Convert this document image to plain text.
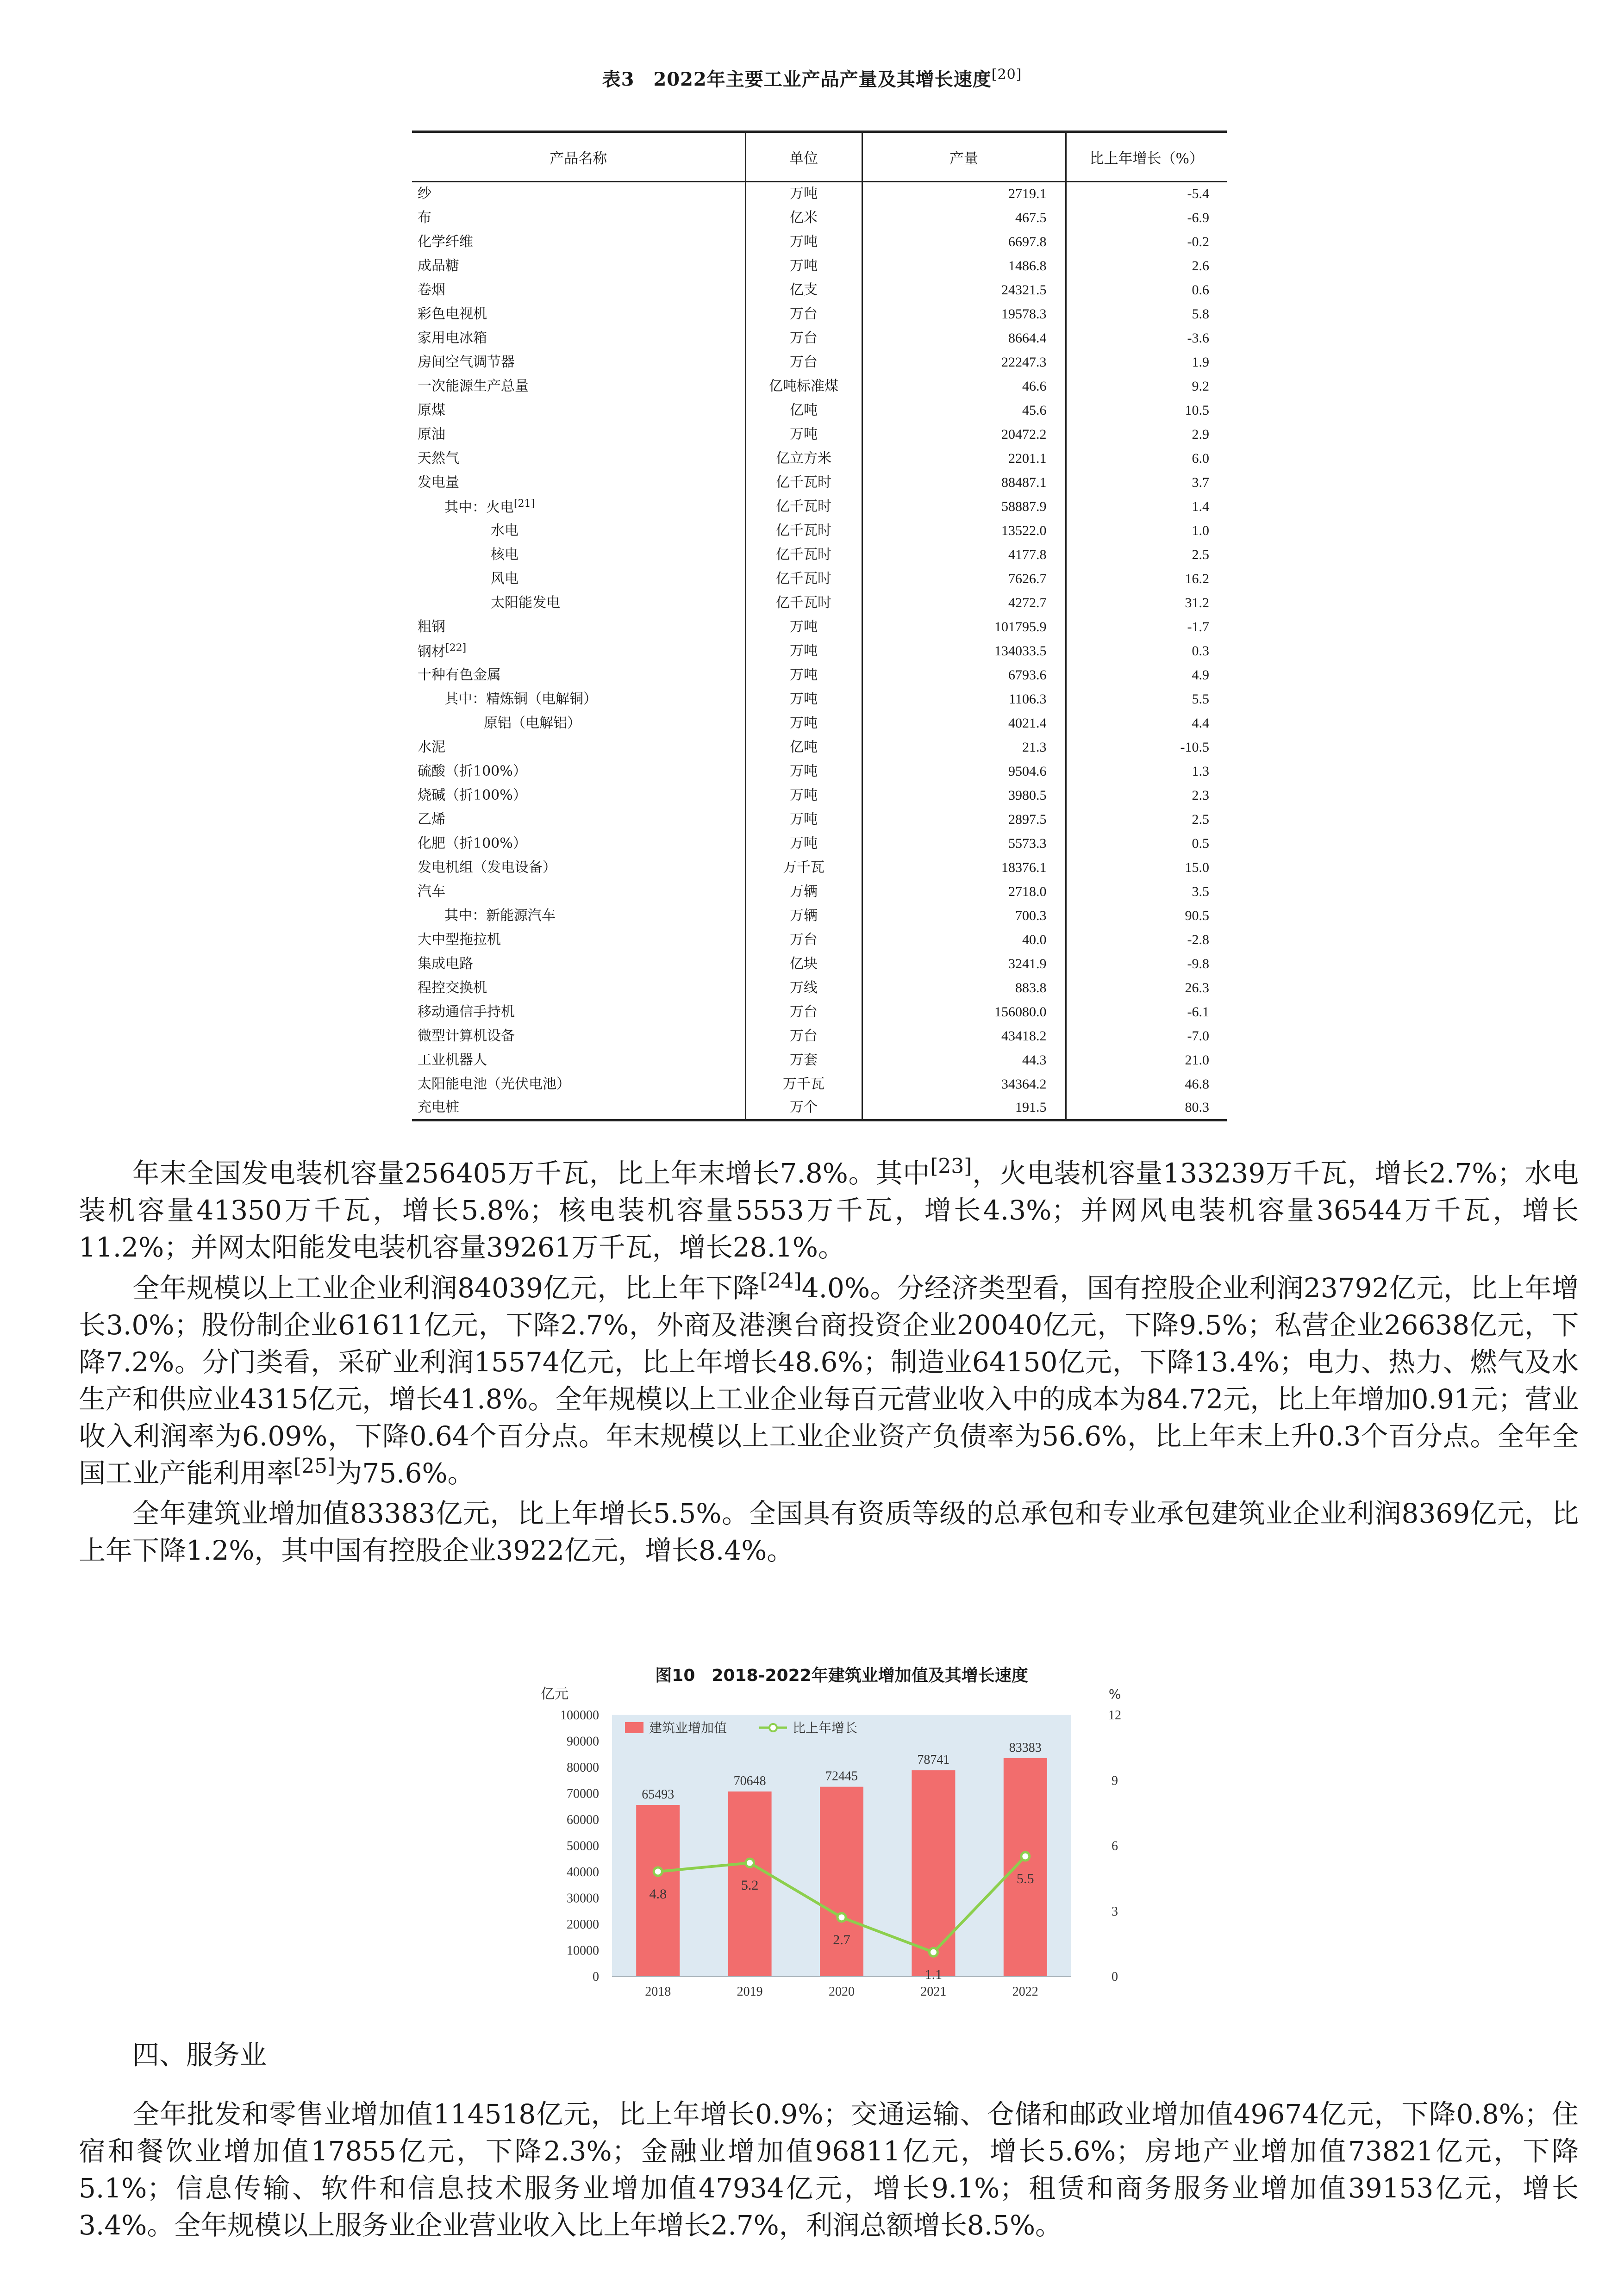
表3　2022年主要工业产品产量及其增长速度[20]
产品名称	单位	产量	比上年增长（%）
纱	万吨	2719.1	-5.4
布	亿米	467.5	-6.9
化学纤维	万吨	6697.8	-0.2
成品糖	万吨	1486.8	2.6
卷烟	亿支	24321.5	0.6
彩色电视机	万台	19578.3	5.8
家用电冰箱	万台	8664.4	-3.6
房间空气调节器	万台	22247.3	1.9
一次能源生产总量	亿吨标准煤	46.6	9.2
原煤	亿吨	45.6	10.5
原油	万吨	20472.2	2.9
天然气	亿立方米	2201.1	6.0
发电量	亿千瓦时	88487.1	3.7
其中：火电[21]	亿千瓦时	58887.9	1.4
水电	亿千瓦时	13522.0	1.0
核电	亿千瓦时	4177.8	2.5
风电	亿千瓦时	7626.7	16.2
太阳能发电	亿千瓦时	4272.7	31.2
粗钢	万吨	101795.9	-1.7
钢材[22]	万吨	134033.5	0.3
十种有色金属	万吨	6793.6	4.9
其中：精炼铜（电解铜）	万吨	1106.3	5.5
原铝（电解铝）	万吨	4021.4	4.4
水泥	亿吨	21.3	-10.5
硫酸（折100%）	万吨	9504.6	1.3
烧碱（折100%）	万吨	3980.5	2.3
乙烯	万吨	2897.5	2.5
化肥（折100%）	万吨	5573.3	0.5
发电机组（发电设备）	万千瓦	18376.1	15.0
汽车	万辆	2718.0	3.5
其中：新能源汽车	万辆	700.3	90.5
大中型拖拉机	万台	40.0	-2.8
集成电路	亿块	3241.9	-9.8
程控交换机	万线	883.8	26.3
移动通信手持机	万台	156080.0	-6.1
微型计算机设备	万台	43418.2	-7.0
工业机器人	万套	44.3	21.0
太阳能电池（光伏电池）	万千瓦	34364.2	46.8
充电桩	万个	191.5	80.3

年末全国发电装机容量256405万千瓦，比上年末增长7.8%。其中[23]，火电装机容量133239万千瓦，增长2.7%；水电装机容量41350万千瓦，增长5.8%；核电装机容量5553万千瓦，增长4.3%；并网风电装机容量36544万千瓦，增长11.2%；并网太阳能发电装机容量39261万千瓦，增长28.1%。

全年规模以上工业企业利润84039亿元，比上年下降[24]4.0%。分经济类型看，国有控股企业利润23792亿元，比上年增长3.0%；股份制企业61611亿元，下降2.7%，外商及港澳台商投资企业20040亿元，下降9.5%；私营企业26638亿元，下降7.2%。分门类看，采矿业利润15574亿元，比上年增长48.6%；制造业64150亿元，下降13.4%；电力、热力、燃气及水生产和供应业4315亿元，增长41.8%。全年规模以上工业企业每百元营业收入中的成本为84.72元，比上年增加0.91元；营业收入利润率为6.09%，下降0.64个百分点。年末规模以上工业企业资产负债率为56.6%，比上年末上升0.3个百分点。全年全国工业产能利用率[25]为75.6%。

全年建筑业增加值83383亿元，比上年增长5.5%。全国具有资质等级的总承包和专业承包建筑业企业利润8369亿元，比上年下降1.2%，其中国有控股企业3922亿元，增长8.4%。

图10　2018-2022年建筑业增加值及其增长速度
亿元	%
0
10000
20000
30000
40000
50000
60000
70000
80000
90000
100000
0
3
6
9
12
65493
2018
70648
2019
72445
2020
78741
2021
83383
2022
4.8
5.2
2.7
1.1
5.5
建筑业增加值	比上年增长

四、服务业

全年批发和零售业增加值114518亿元，比上年增长0.9%；交通运输、仓储和邮政业增加值49674亿元，下降0.8%；住宿和餐饮业增加值17855亿元，下降2.3%；金融业增加值96811亿元，增长5.6%；房地产业增加值73821亿元，下降5.1%；信息传输、软件和信息技术服务业增加值47934亿元，增长9.1%；租赁和商务服务业增加值39153亿元，增长3.4%。全年规模以上服务业企业营业收入比上年增长2.7%，利润总额增长8.5%。
